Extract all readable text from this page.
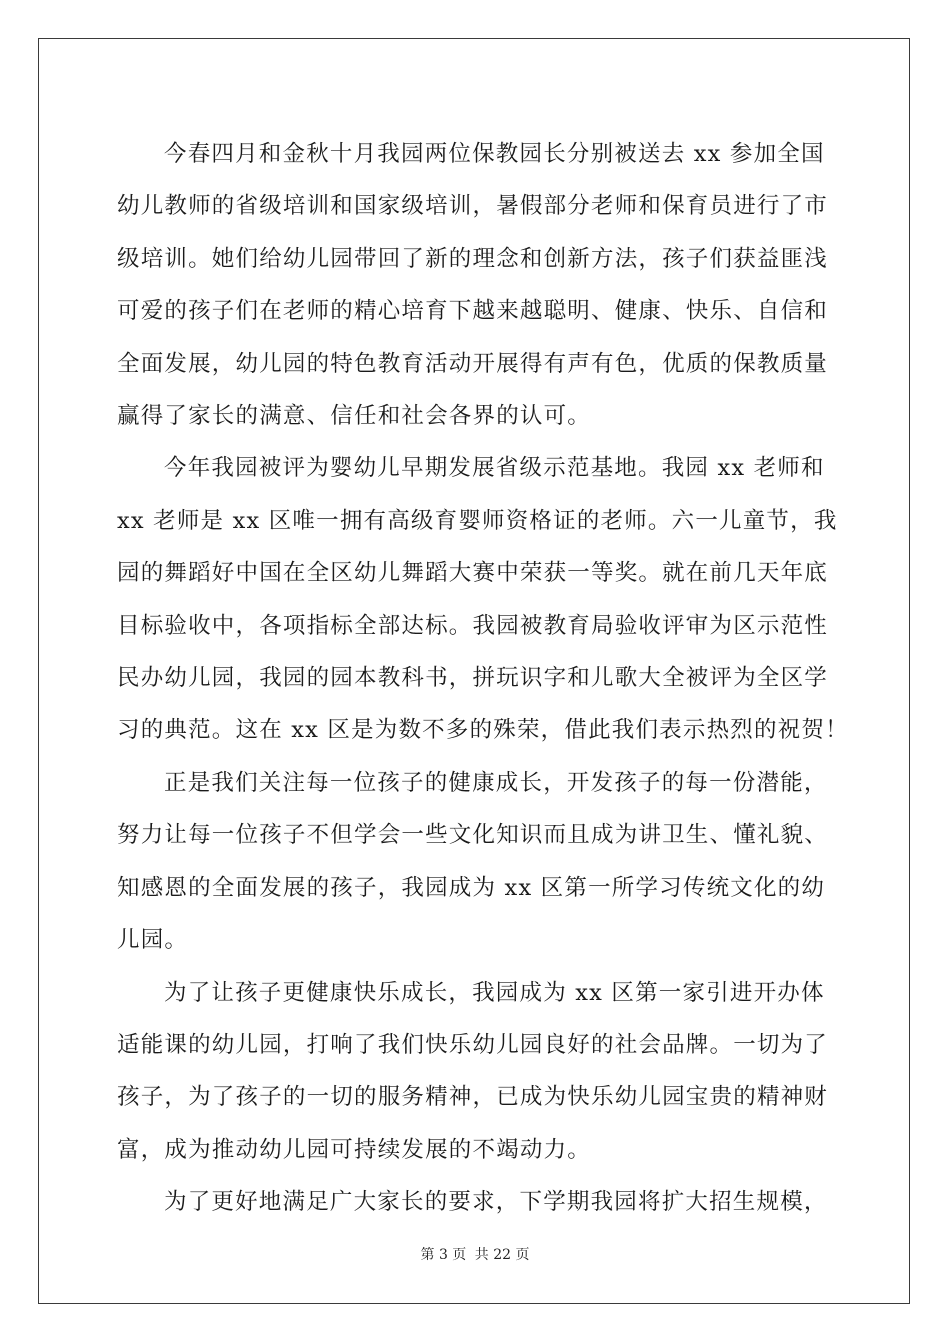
今春四月和金秋十月我园两位保教园长分别被送去 xx 参加全国
幼儿教师的省级培训和国家级培训，暑假部分老师和保育员进行了市
级培训。她们给幼儿园带回了新的理念和创新方法，孩子们获益匪浅
可爱的孩子们在老师的精心培育下越来越聪明、健康、快乐、自信和
全面发展，幼儿园的特色教育活动开展得有声有色，优质的保教质量
赢得了家长的满意、信任和社会各界的认可。

今年我园被评为婴幼儿早期发展省级示范基地。我园 xx 老师和
xx 老师是 xx 区唯一拥有高级育婴师资格证的老师。六一儿童节，我
园的舞蹈好中国在全区幼儿舞蹈大赛中荣获一等奖。就在前几天年底
目标验收中，各项指标全部达标。我园被教育局验收评审为区示范性
民办幼儿园，我园的园本教科书，拼玩识字和儿歌大全被评为全区学
习的典范。这在 xx 区是为数不多的殊荣，借此我们表示热烈的祝贺！

正是我们关注每一位孩子的健康成长，开发孩子的每一份潜能，
努力让每一位孩子不但学会一些文化知识而且成为讲卫生、懂礼貌、
知感恩的全面发展的孩子，我园成为 xx 区第一所学习传统文化的幼
儿园。

为了让孩子更健康快乐成长，我园成为 xx 区第一家引进开办体
适能课的幼儿园，打响了我们快乐幼儿园良好的社会品牌。一切为了
孩子，为了孩子的一切的服务精神，已成为快乐幼儿园宝贵的精神财
富，成为推动幼儿园可持续发展的不竭动力。

为了更好地满足广大家长的要求，下学期我园将扩大招生规模，

第 3 页 共 22 页
